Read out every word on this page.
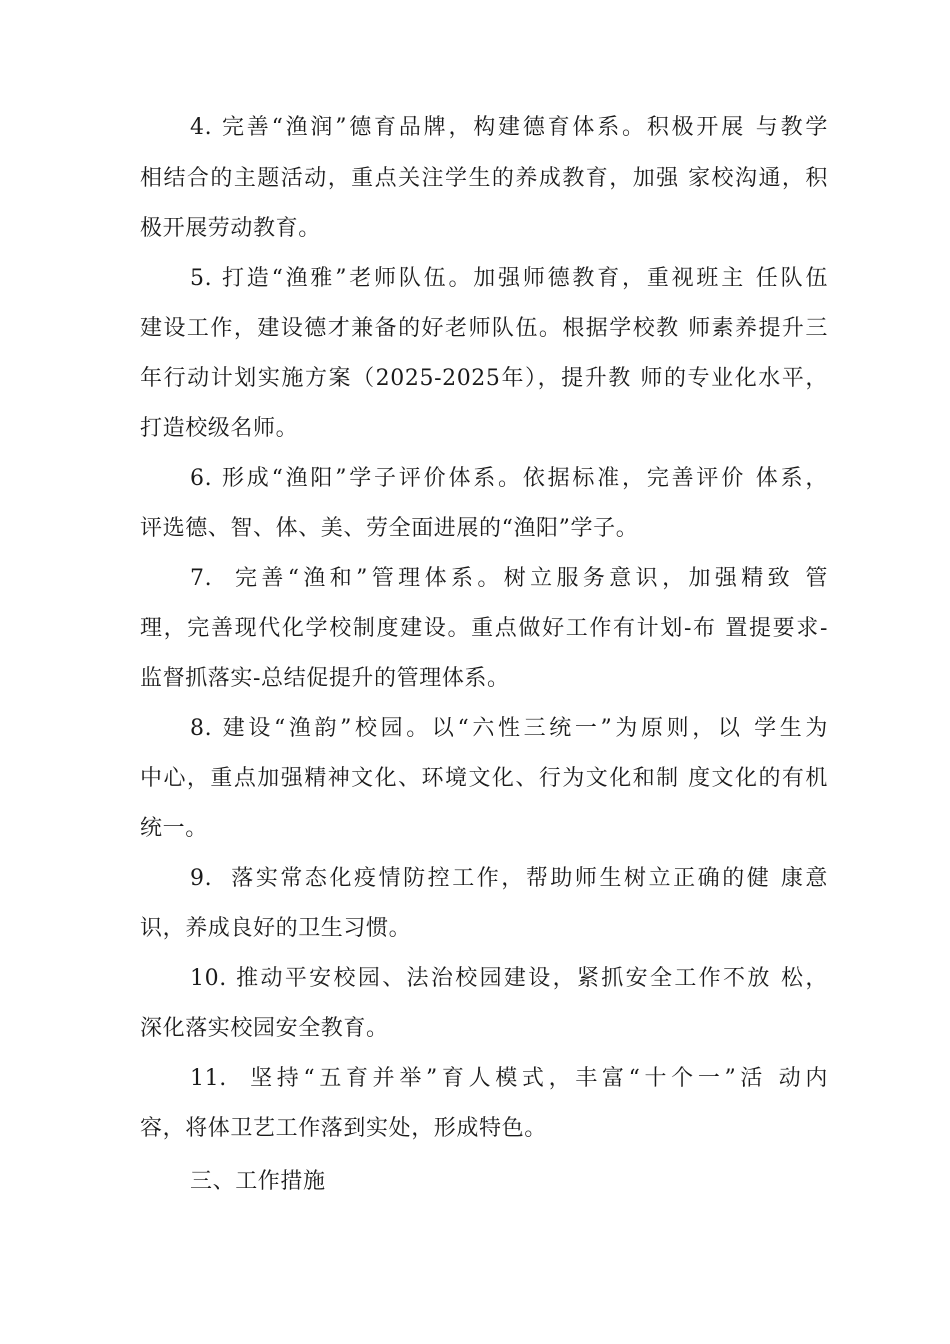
4. 完善“渔润”德育品牌，构建德育体系。积极开展 与教学
相结合的主题活动，重点关注学生的养成教育，加强 家校沟通，积
极开展劳动教育。
5. 打造“渔雅”老师队伍。加强师德教育，重视班主 任队伍
建设工作，建设德才兼备的好老师队伍。根据学校教 师素养提升三
年行动计划实施方案（2025-2025年），提升教 师的专业化水平，
打造校级名师。
6. 形成“渔阳”学子评价体系。依据标准，完善评价 体系，
评选德、智、体、美、劳全面进展的“渔阳”学子。
7.  完善“渔和”管理体系。树立服务意识，加强精致 管
理，完善现代化学校制度建设。重点做好工作有计划-布 置提要求-
监督抓落实-总结促提升的管理体系。
8. 建设“渔韵”校园。以“六性三统一”为原则，以 学生为
中心，重点加强精神文化、环境文化、行为文化和制 度文化的有机
统一。
9.  落实常态化疫情防控工作，帮助师生树立正确的健 康意
识，养成良好的卫生习惯。
10. 推动平安校园、法治校园建设，紧抓安全工作不放 松，
深化落实校园安全教育。
11.  坚持“五育并举”育人模式，丰富“十个一”活 动内
容，将体卫艺工作落到实处，形成特色。
三、工作措施
